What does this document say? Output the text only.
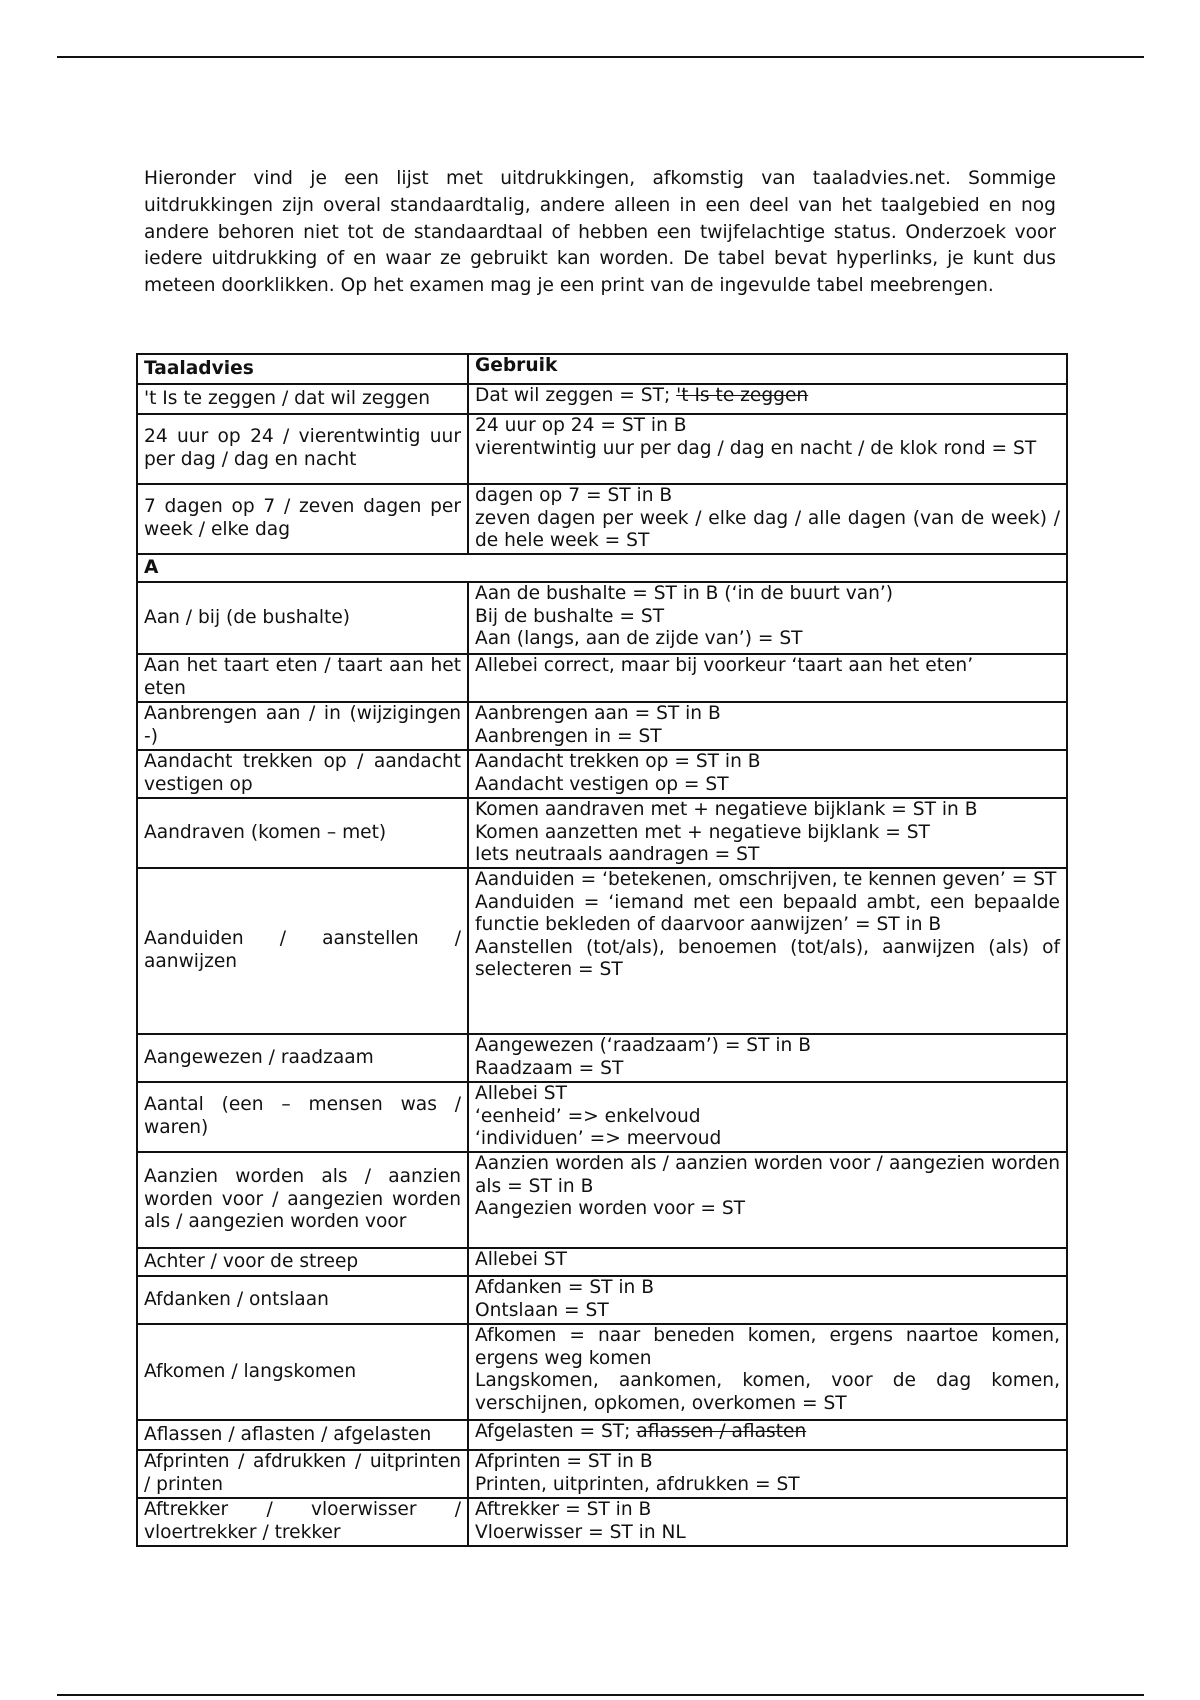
Hieronder vind je een lijst met uitdrukkingen, afkomstig van taaladvies.net. Sommige uitdrukkingen zijn overal standaardtalig, andere alleen in een deel van het taalgebied en nog andere behoren niet tot de standaardtaal of hebben een twijfelachtige status. Onderzoek voor iedere uitdrukking of en waar ze gebruikt kan worden. De tabel bevat hyperlinks, je kunt dus meteen doorklikken. Op het examen mag je een print van de ingevulde tabel meebrengen.

Taaladvies	Gebruik
't Is te zeggen / dat wil zeggen	Dat wil zeggen = ST; 't Is te zeggen

24 uur op 24 / vierentwintig uur per dag / dag en nacht	24 uur op 24 = ST in B
vierentwintig uur per dag / dag en nacht / de klok rond = ST

7 dagen op 7 / zeven dagen per week / elke dag	dagen op 7 = ST in B
zeven dagen per week / elke dag / alle dagen (van de week) / de hele week = ST

A	
Aan / bij (de bushalte)	Aan de bushalte = ST in B (‘in de buurt van’)
Bij de bushalte = ST
Aan (langs, aan de zijde van’) = ST

Aan het taart eten / taart aan het eten	Allebei correct, maar bij voorkeur ‘taart aan het eten’

Aanbrengen aan / in (wijzigingen -)	Aanbrengen aan = ST in B
Aanbrengen in = ST

Aandacht trekken op / aandacht vestigen op	Aandacht trekken op = ST in B
Aandacht vestigen op = ST

Aandraven (komen – met)	Komen aandraven met + negatieve bijklank = ST in B
Komen aanzetten met + negatieve bijklank = ST
Iets neutraals aandragen = ST

Aanduiden / aanstellen / aanwijzen	Aanduiden = ‘betekenen, omschrijven, te kennen geven’ = ST
Aanduiden = ‘iemand met een bepaald ambt, een bepaalde functie bekleden of daarvoor aanwijzen’ = ST in B
Aanstellen (tot/als), benoemen (tot/als), aanwijzen (als) of selecteren = ST

Aangewezen / raadzaam	Aangewezen (‘raadzaam’) = ST in B
Raadzaam = ST

Aantal (een – mensen was / waren)	Allebei ST
‘eenheid’ => enkelvoud
‘individuen’ => meervoud

Aanzien worden als / aanzien worden voor / aangezien worden als / aangezien worden voor	Aanzien worden als / aanzien worden voor / aangezien worden als = ST in B
Aangezien worden voor = ST

Achter / voor de streep	Allebei ST

Afdanken / ontslaan	Afdanken = ST in B
Ontslaan = ST

Afkomen / langskomen	Afkomen = naar beneden komen, ergens naartoe komen, ergens weg komen
Langskomen, aankomen, komen, voor de dag komen, verschijnen, opkomen, overkomen = ST

Aflassen / aflasten / afgelasten	Afgelasten = ST; aflassen / aflasten

Afprinten / afdrukken / uitprinten / printen	Afprinten = ST in B
Printen, uitprinten, afdrukken = ST

Aftrekker / vloerwisser / vloertrekker / trekker	Aftrekker = ST in B
Vloerwisser = ST in NL
